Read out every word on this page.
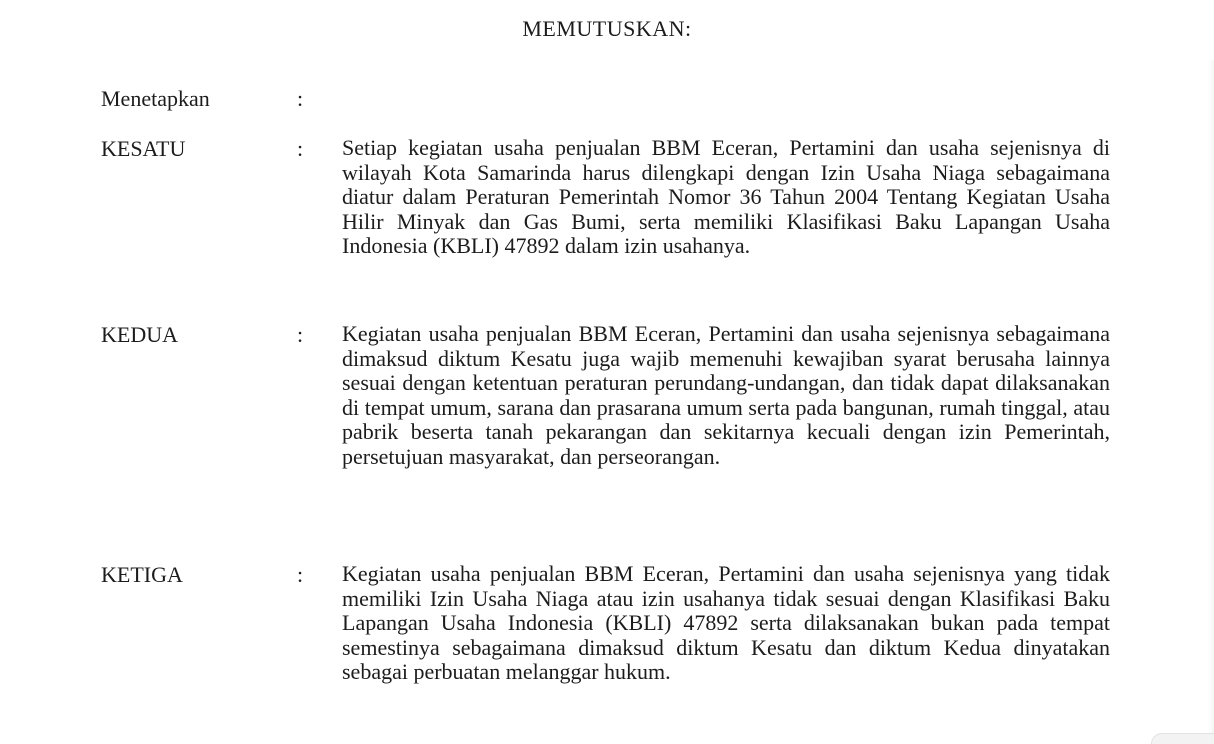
MEMUTUSKAN:
Menetapkan	:
KESATU	: Setiap kegiatan usaha penjualan BBM Eceran, Pertamini dan usaha sejenisnya di wilayah Kota Samarinda harus dilengkapi dengan Izin Usaha Niaga sebagaimana diatur dalam Peraturan Pemerintah Nomor 36 Tahun 2004 Tentang Kegiatan Usaha Hilir Minyak dan Gas Bumi, serta memiliki Klasifikasi Baku Lapangan Usaha Indonesia (KBLI) 47892 dalam izin usahanya.
KEDUA	: Kegiatan usaha penjualan BBM Eceran, Pertamini dan usaha sejenisnya sebagaimana dimaksud diktum Kesatu juga wajib memenuhi kewajiban syarat berusaha lainnya sesuai dengan ketentuan peraturan perundang-undangan, dan tidak dapat dilaksanakan di tempat umum, sarana dan prasarana umum serta pada bangunan, rumah tinggal, atau pabrik beserta tanah pekarangan dan sekitarnya kecuali dengan izin Pemerintah, persetujuan masyarakat, dan perseorangan.
KETIGA	: Kegiatan usaha penjualan BBM Eceran, Pertamini dan usaha sejenisnya yang tidak memiliki Izin Usaha Niaga atau izin usahanya tidak sesuai dengan Klasifikasi Baku Lapangan Usaha Indonesia (KBLI) 47892 serta dilaksanakan bukan pada tempat semestinya sebagaimana dimaksud diktum Kesatu dan diktum Kedua dinyatakan sebagai perbuatan melanggar hukum.
